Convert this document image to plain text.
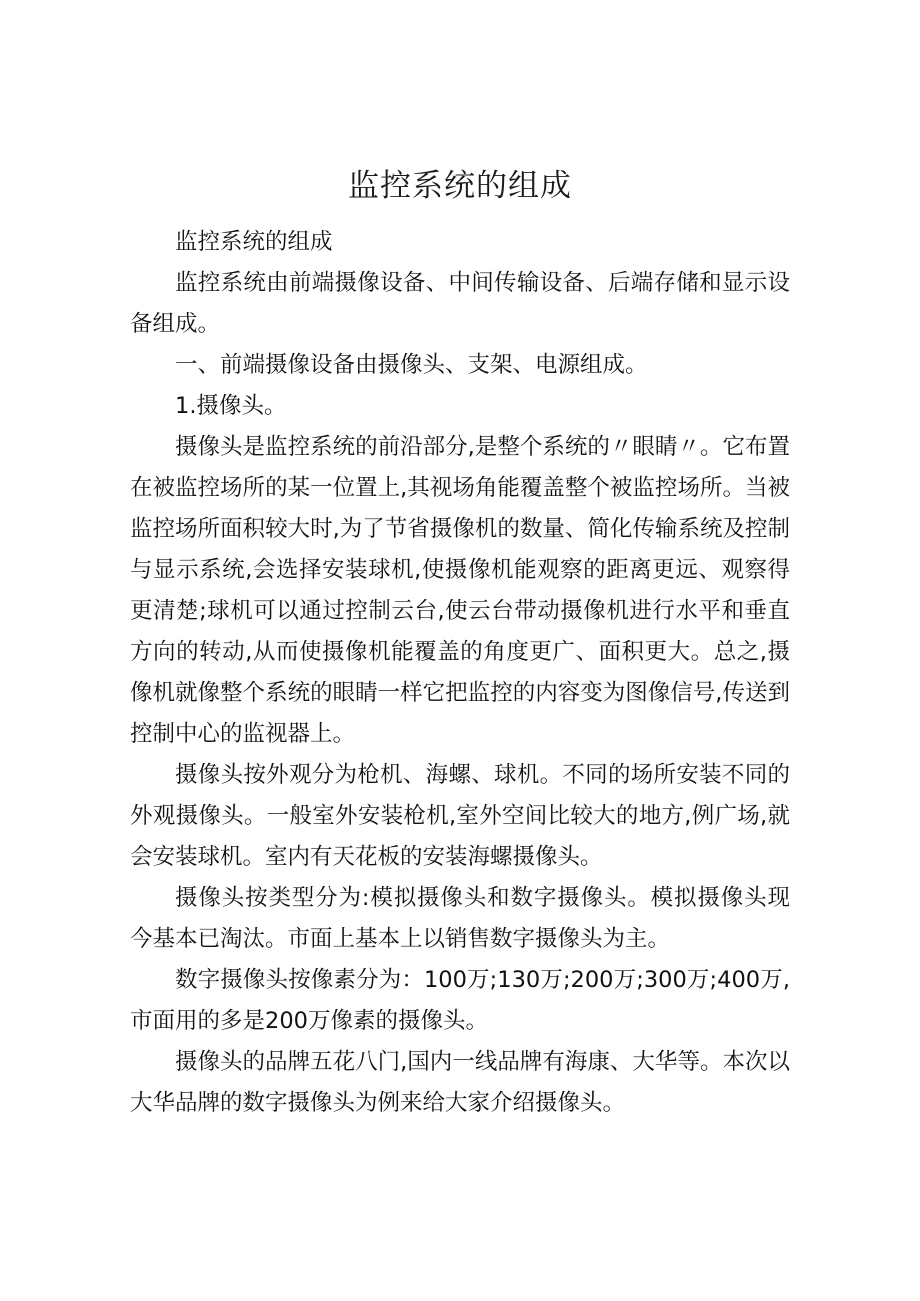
监控系统的组成

监控系统的组成

监控系统由前端摄像设备、中间传输设备、后端存储和显示设备组成。

一、前端摄像设备由摄像头、支架、电源组成。

1.摄像头。

摄像头是监控系统的前沿部分,是整个系统的〃眼睛〃。它布置在被监控场所的某一位置上,其视场角能覆盖整个被监控场所。当被监控场所面积较大时,为了节省摄像机的数量、简化传输系统及控制与显示系统,会选择安装球机,使摄像机能观察的距离更远、观察得更清楚;球机可以通过控制云台,使云台带动摄像机进行水平和垂直方向的转动,从而使摄像机能覆盖的角度更广、面积更大。总之,摄像机就像整个系统的眼睛一样它把监控的内容变为图像信号,传送到控制中心的监视器上。

摄像头按外观分为枪机、海螺、球机。不同的场所安装不同的外观摄像头。一般室外安装枪机,室外空间比较大的地方,例广场,就会安装球机。室内有天花板的安装海螺摄像头。

摄像头按类型分为:模拟摄像头和数字摄像头。模拟摄像头现今基本已淘汰。市面上基本上以销售数字摄像头为主。

数字摄像头按像素分为：100万;130万;200万;300万;400万,市面用的多是200万像素的摄像头。

摄像头的品牌五花八门,国内一线品牌有海康、大华等。本次以大华品牌的数字摄像头为例来给大家介绍摄像头。
